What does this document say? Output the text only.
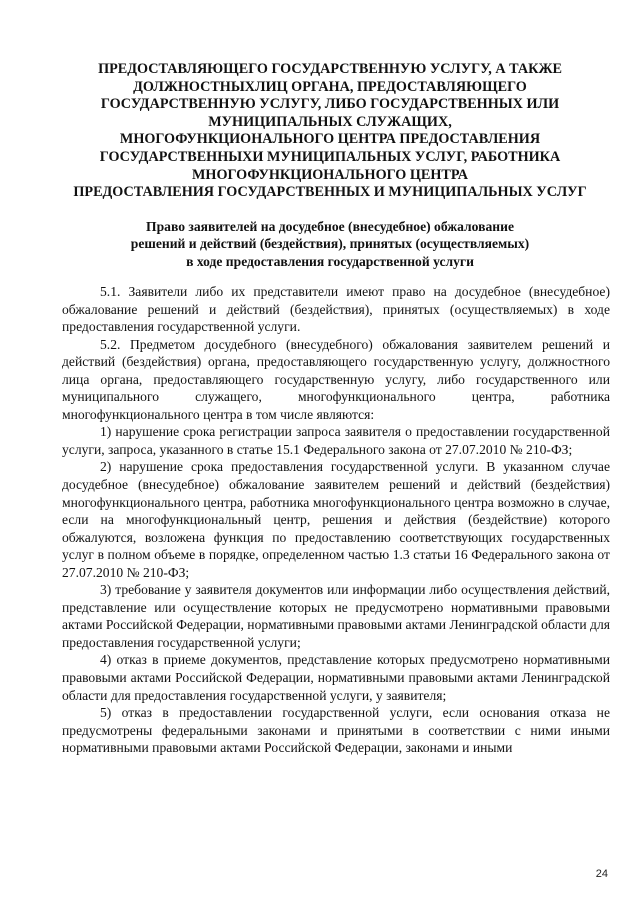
ПРЕДОСТАВЛЯЮЩЕГО ГОСУДАРСТВЕННУЮ УСЛУГУ, А ТАКЖЕ
ДОЛЖНОСТНЫХЛИЦ ОРГАНА, ПРЕДОСТАВЛЯЮЩЕГО
ГОСУДАРСТВЕННУЮ УСЛУГУ, ЛИБО ГОСУДАРСТВЕННЫХ ИЛИ
МУНИЦИПАЛЬНЫХ СЛУЖАЩИХ,
МНОГОФУНКЦИОНАЛЬНОГО ЦЕНТРА ПРЕДОСТАВЛЕНИЯ
ГОСУДАРСТВЕННЫХИ МУНИЦИПАЛЬНЫХ УСЛУГ, РАБОТНИКА
МНОГОФУНКЦИОНАЛЬНОГО ЦЕНТРА
ПРЕДОСТАВЛЕНИЯ ГОСУДАРСТВЕННЫХ И МУНИЦИПАЛЬНЫХ УСЛУГ
Право заявителей на досудебное (внесудебное) обжалование
решений и действий (бездействия), принятых (осуществляемых)
в ходе предоставления государственной услуги

5.1. Заявители либо их представители имеют право на досудебное (внесудебное) обжалование решений и действий (бездействия), принятых (осуществляемых) в ходе предоставления государственной услуги.

5.2. Предметом досудебного (внесудебного) обжалования заявителем решений и действий (бездействия) органа, предоставляющего государственную услугу, должностного лица органа, предоставляющего государственную услугу, либо государственного или муниципального служащего, многофункционального центра, работника многофункционального центра в том числе являются:

1) нарушение срока регистрации запроса заявителя о предоставлении государственной услуги, запроса, указанного в статье 15.1 Федерального закона от 27.07.2010 № 210-ФЗ;

2) нарушение срока предоставления государственной услуги. В указанном случае досудебное (внесудебное) обжалование заявителем решений и действий (бездействия) многофункционального центра, работника многофункционального центра возможно в случае, если на многофункциональный центр, решения и действия (бездействие) которого обжалуются, возложена функция по предоставлению соответствующих государственных услуг в полном объеме в порядке, определенном частью 1.3 статьи 16 Федерального закона от 27.07.2010 № 210-ФЗ;

3) требование у заявителя документов или информации либо осуществления действий, представление или осуществление которых не предусмотрено нормативными правовыми актами Российской Федерации, нормативными правовыми актами Ленинградской области для предоставления государственной услуги;

4) отказ в приеме документов, представление которых предусмотрено нормативными правовыми актами Российской Федерации, нормативными правовыми актами Ленинградской области для предоставления государственной услуги, у заявителя;

5) отказ в предоставлении государственной услуги, если основания отказа не предусмотрены федеральными законами и принятыми в соответствии с ними иными нормативными правовыми актами Российской Федерации, законами и иными

24
